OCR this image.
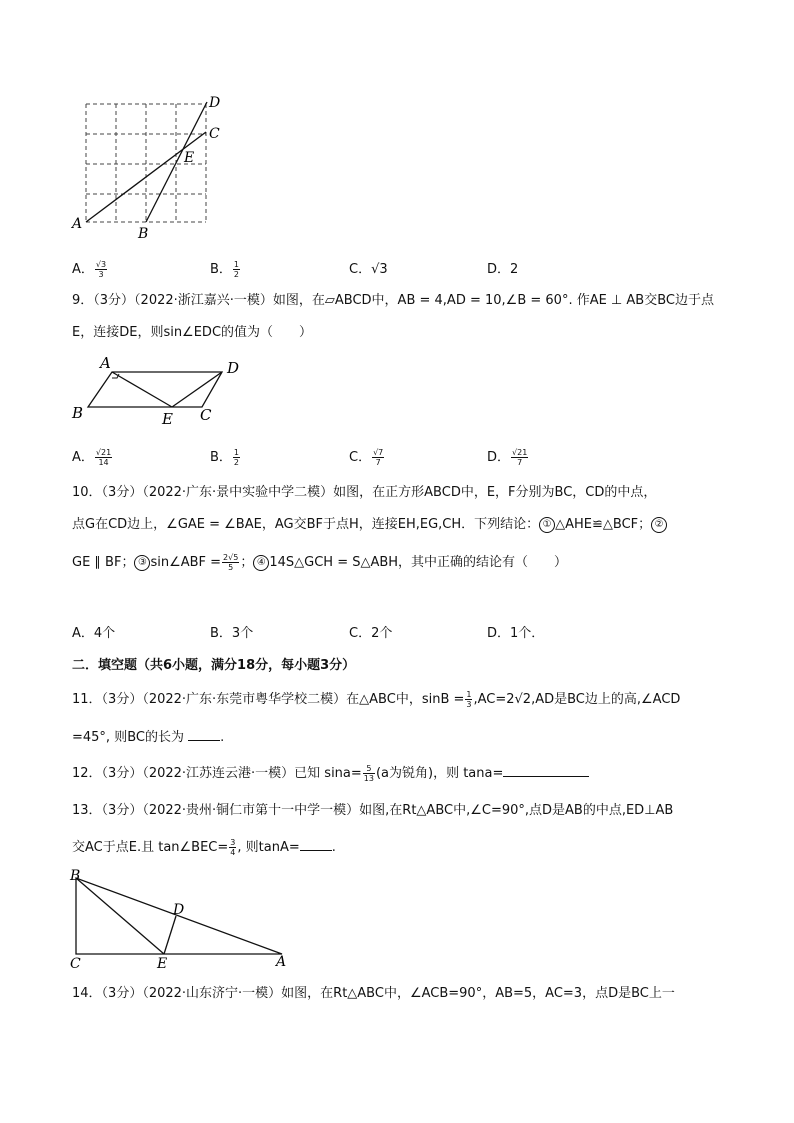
D
C
E
A
B
A． $\frac{√3}{3}$	B． $\frac{1}{2}$	C．√3	D．2
9．（3分）（2022·浙江嘉兴·一模）如图，在▱ABCD中，AB = 4,AD = 10,∠B = 60°. 作AE ⊥ AB交BC边于点
E，连接DE，则sin∠EDC的值为（　　）
A	D
B	E C
A． $\frac{√21}{14}$	B． $\frac{1}{2}$	C． $\frac{√7}{7}$	D． $\frac{√21}{7}$
10．（3分）（2022·广东·景中实验中学二模）如图，在正方形ABCD中，E，F分别为BC，CD的中点，
点G在CD边上，∠GAE = ∠BAE，AG交BF于点H，连接EH,EG,CH．下列结论： ① △AHE≌△BCF； ②
GE ∥ BF； ③ sin∠ABF = $\frac{2√5}{5}$ ； ④ 14S△GCH = S△ABH，其中正确的结论有（　　）
A．4个	B．3个	C．2个	D．1个．
二．填空题（共6小题，满分18分，每小题3分）
11．（3分）（2022·广东·东莞市粤华学校二模）在△ABC中，$\sin B = \frac{1}{3} ,AC=2√2,AD$是BC边上的高,∠ACD
=45°, 则BC的长为	.
12．（3分）（2022·江苏连云港·一模）已知 $\sin a= \frac{5}{13} (a$为锐角)，则 tana=
13．（3分）（2022·贵州·铜仁市第十一中学一模）如图,在Rt△ABC中,∠C=90°,点D是AB的中点,ED⊥AB
交AC于点E.且 tan∠BEC= $\frac{3}{4}$ , 则tanA= .
B
D
C	E	A
14．（3分）（2022·山东济宁·一模）如图，在Rt△ABC中，∠ACB=90°，AB=5，AC=3，点D是BC上一
